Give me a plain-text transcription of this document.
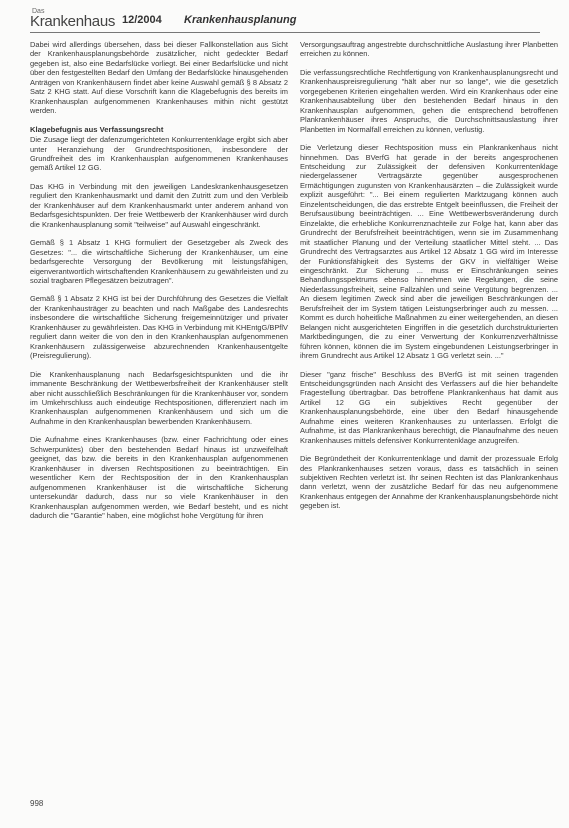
Das
Krankenhaus 12/2004 Krankenhausplanung

Dabei wird allerdings übersehen, dass bei dieser Fallkonstellation aus Sicht der Krankenhausplanungsbehörde zusätzlicher, nicht gedeckter Bedarf gegeben ist, also eine Bedarfslücke vorliegt. Bei einer Bedarfslücke und nicht über den festgestellten Bedarf den Umfang der Bedarfslücke hinausgehenden Anträgen von Krankenhäusern findet aber keine Auswahl gemäß § 8 Absatz 2 Satz 2 KHG statt. Auf diese Vorschrift kann die Klagebefugnis des bereits im Krankenhausplan aufgenommenen Krankenhauses mithin nicht gestützt werden.

Klagebefugnis aus Verfassungsrecht

Die Zusage liegt der dafenzumgerichteten Konkurrentenklage ergibt sich aber unter Heranziehung der Grundrechtspositionen, insbesondere der Grundfreiheit des im Krankenhausplan aufgenommenen Krankenhauses gemäß Artikel 12 GG.

Das KHG in Verbindung mit den jeweiligen Landeskrankenhausgesetzen reguliert den Krankenhausmarkt und damit den Zutritt zum und den Verbleib der Krankenhäuser auf dem Krankenhausmarkt unter anderem anhand von Bedarfsgesichtspunkten. Der freie Wettbewerb der Krankenhäuser wird durch die Krankenhausplanung somit "teilweise" auf Auswahl eingeschränkt.

Gemäß § 1 Absatz 1 KHG formuliert der Gesetzgeber als Zweck des Gesetzes: "... die wirtschaftliche Sicherung der Krankenhäuser, um eine bedarfsgerechte Versorgung der Bevölkerung mit leistungsfähigen, eigenverantwortlich wirtschaftenden Krankenhäusern zu gewährleisten und zu sozial tragbaren Pflegesätzen beizutragen".

Gemäß § 1 Absatz 2 KHG ist bei der Durchführung des Gesetzes die Vielfalt der Krankenhausträger zu beachten und nach Maßgabe des Landesrechts insbesondere die wirtschaftliche Sicherung freigemeinnütziger und privater Krankenhäuser zu gewährleisten. Das KHG in Verbindung mit KHEntgG/BPflV reguliert dann weiter die von den in den Krankenhausplan aufgenommenen Krankenhäusern zulässigerweise abzurechnenden Krankenhausentgelte (Preisregulierung).

Die Krankenhausplanung nach Bedarfsgesichtspunkten und die ihr immanente Beschränkung der Wettbewerbsfreiheit der Krankenhäuser stellt aber nicht ausschließlich Beschränkungen für die Krankenhäuser vor, sondern im Umkehrschluss auch eindeutige Rechtspositionen, differenziert nach im Krankenhausplan aufgenommenen Krankenhäusern und sich um die Aufnahme in den Krankenhausplan bewerbenden Krankenhäusern.

Die Aufnahme eines Krankenhauses (bzw. einer Fachrichtung oder eines Schwerpunktes) über den bestehenden Bedarf hinaus ist unzweifelhaft geeignet, das bzw. die bereits in den Krankenhausplan aufgenommenen Krankenhäuser in diversen Rechtspositionen zu beeinträchtigen. Ein wesentlicher Kern der Rechtsposition der in den Krankenhausplan aufgenommenen Krankenhäuser ist die wirtschaftliche Sicherung untersekundär dadurch, dass nur so viele Krankenhäuser in den Krankenhausplan aufgenommen werden, wie Bedarf besteht, und es nicht dadurch die "Garantie" haben, eine möglichst hohe Vergütung für ihren

Versorgungsauftrag angestrebte durchschnittliche Auslastung ihrer Planbetten erreichen zu können.

Die verfassungsrechtliche Rechtfertigung von Krankenhausplanungsrecht und Krankenhauspreisregulierung "hält aber nur so lange", wie die gesetzlich vorgegebenen Kriterien eingehalten werden. Wird ein Krankenhaus oder eine Krankenhausabteilung über den bestehenden Bedarf hinaus in den Krankenhausplan aufgenommen, gehen die entsprechend betroffenen Plankrankenhäuser ihres Anspruchs, die Durchschnittsauslastung ihrer Planbetten im Normalfall erreichen zu können, verlustig.

Die Verletzung dieser Rechtsposition muss ein Plankrankenhaus nicht hinnehmen. Das BVerfG hat gerade in der bereits angesprochenen Entscheidung zur Zulässigkeit der defensiven Konkurrentenklage niedergelassener Vertragsärzte gegenüber ausgesprochenen Ermächtigungen zugunsten von Krankenhausärzten – die Zulässigkeit wurde explizit ausgeführt: "... Bei einem regulierten Marktzugang können auch Einzelentscheidungen, die das erstrebte Entgelt beeinflussen, die Freiheit der Berufsausübung beeinträchtigen. ... Eine Wettbewerbsveränderung durch Einzelakte, die erhebliche Konkurrenznachteile zur Folge hat, kann aber das Grundrecht der Berufsfreiheit beeinträchtigen, wenn sie im Zusammenhang mit staatlicher Planung und der Verteilung staatlicher Mittel steht. ... Das Grundrecht des Vertragsarztes aus Artikel 12 Absatz 1 GG wird im Interesse der Funktionsfähigkeit des Systems der GKV in vielfältiger Weise eingeschränkt. Zur Sicherung ... muss er Einschränkungen seines Behandlungsspektrums ebenso hinnehmen wie Regelungen, die seine Niederlassungsfreiheit, seine Fallzahlen und seine Vergütung begrenzen. ... An diesem legitimen Zweck sind aber die jeweiligen Beschränkungen der Berufsfreiheit der im System tätigen Leistungserbringer auch zu messen. ... Kommt es durch hoheitliche Maßnahmen zu einer weitergehenden, an diesen Belangen nicht ausgerichteten Eingriffen in die gesetzlich durchstrukturierten Marktbedingungen, die zu einer Verwertung der Konkurrenzverhältnisse führen können, können die im System eingebundenen Leistungserbringer in ihrem Grundrecht aus Artikel 12 Absatz 1 GG verletzt sein. ..."

Dieser "ganz frische" Beschluss des BVerfG ist mit seinen tragenden Entscheidungsgründen nach Ansicht des Verfassers auf die hier behandelte Fragestellung übertragbar. Das betroffene Plankrankenhaus hat damit aus Artikel 12 GG ein subjektives Recht gegenüber der Krankenhausplanungsbehörde, eine über den Bedarf hinausgehende Aufnahme eines weiteren Krankenhauses zu unterlassen. Erfolgt die Aufnahme, ist das Plankrankenhaus berechtigt, die Planaufnahme des neuen Krankenhauses mittels defensiver Konkurrentenklage anzugreifen.

Die Begründetheit der Konkurrentenklage und damit der prozessuale Erfolg des Plankrankenhauses setzen voraus, dass es tatsächlich in seinen subjektiven Rechten verletzt ist. Ihr seinen Rechten ist das Plankrankenhaus dann verletzt, wenn der zusätzliche Bedarf für das neu aufgenommene Krankenhaus entgegen der Annahme der Krankenhausplanungsbehörde nicht gegeben ist.

998
